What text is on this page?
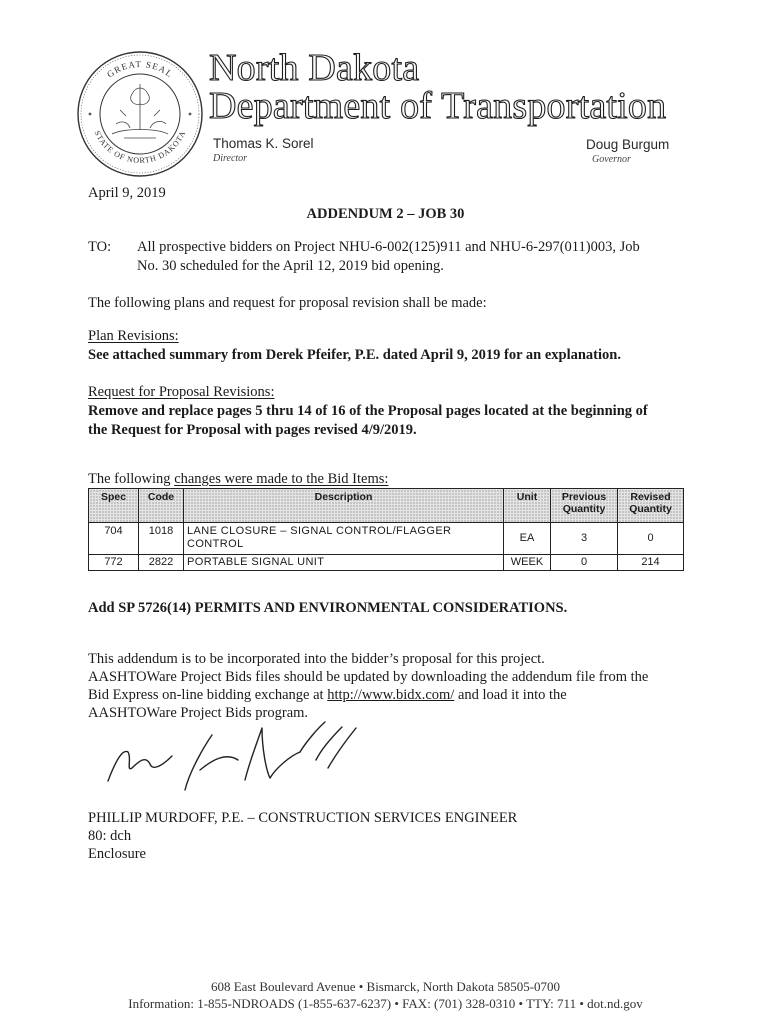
GREAT SEAL
STATE OF NORTH DAKOTA
North Dakota
Department of Transportation
Thomas K. Sorel
Director
Doug Burgum
Governor
April 9, 2019
ADDENDUM 2 – JOB 30
TO: All prospective bidders on Project NHU-6-002(125)911 and NHU-6-297(011)003, Job
No. 30 scheduled for the April 12, 2019 bid opening.
The following plans and request for proposal revision shall be made:
Plan Revisions:
See attached summary from Derek Pfeifer, P.E. dated April 9, 2019 for an explanation.
Request for Proposal Revisions:
Remove and replace pages 5 thru 14 of 16 of the Proposal pages located at the beginning of
the Request for Proposal with pages revised 4/9/2019.
The following changes were made to the Bid Items:
Spec	Code	Description	Unit	Previous Quantity	Revised Quantity
704	1018	LANE CLOSURE – SIGNAL CONTROL/FLAGGER CONTROL	EA	3	0
772	2822	PORTABLE SIGNAL UNIT	WEEK	0	214
Add SP 5726(14) PERMITS AND ENVIRONMENTAL CONSIDERATIONS.
This addendum is to be incorporated into the bidder’s proposal for this project.
AASHTOWare Project Bids files should be updated by downloading the addendum file from the
Bid Express on-line bidding exchange at http://www.bidx.com/ and load it into the
AASHTOWare Project Bids program.
PHILLIP MURDOFF, P.E. – CONSTRUCTION SERVICES ENGINEER
80: dch
Enclosure
608 East Boulevard Avenue • Bismarck, North Dakota 58505-0700
Information: 1-855-NDROADS (1-855-637-6237) • FAX: (701) 328-0310 • TTY: 711 • dot.nd.gov
